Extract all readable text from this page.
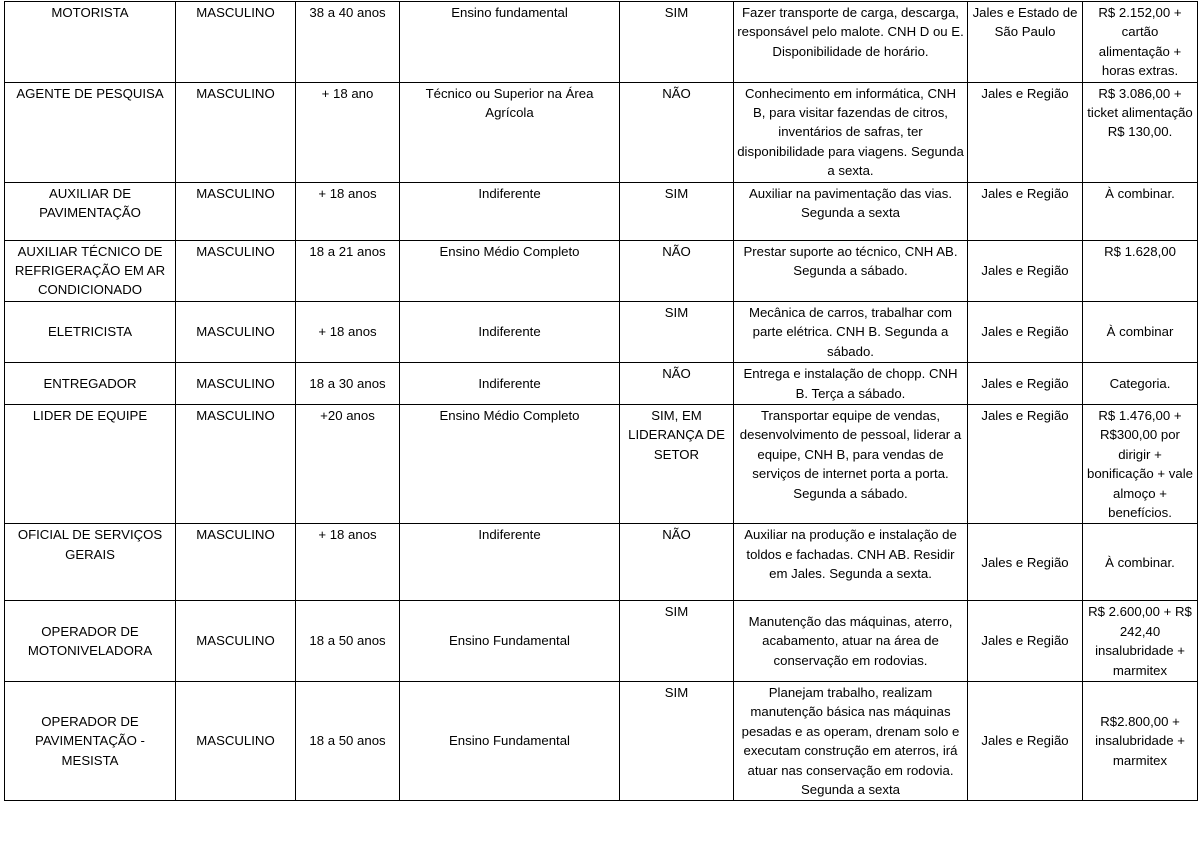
MOTORISTA	MASCULINO	38 a 40 anos	Ensino fundamental	SIM	Fazer transporte de carga, descarga, responsável pelo malote. CNH D ou E. Disponibilidade de horário.	Jales e Estado de São Paulo	R$ 2.152,00 + cartão alimentação + horas extras.
AGENTE DE PESQUISA	MASCULINO	+ 18 ano	Técnico ou Superior na Área Agrícola	NÃO	Conhecimento em informática, CNH B, para visitar fazendas de citros, inventários de safras, ter disponibilidade para viagens. Segunda a sexta.	Jales e Região	R$ 3.086,00 + ticket alimentação R$ 130,00.
AUXILIAR DE PAVIMENTAÇÃO	MASCULINO	+ 18 anos	Indiferente	SIM	Auxiliar na pavimentação das vias. Segunda a sexta	Jales e Região	À combinar.
AUXILIAR TÉCNICO DE REFRIGERAÇÃO EM AR CONDICIONADO	MASCULINO	18 a 21 anos	Ensino Médio Completo	NÃO	Prestar suporte ao técnico, CNH AB. Segunda a sábado.	Jales e Região	R$ 1.628,00
ELETRICISTA	MASCULINO	+ 18 anos	Indiferente	SIM	Mecânica de carros, trabalhar com parte elétrica. CNH B. Segunda a sábado.	Jales e Região	À combinar
ENTREGADOR	MASCULINO	18 a 30 anos	Indiferente	NÃO	Entrega e instalação de chopp. CNH B. Terça a sábado.	Jales e Região	Categoria.
LIDER DE EQUIPE	MASCULINO	+20 anos	Ensino Médio Completo	SIM, EM LIDERANÇA DE SETOR	Transportar equipe de vendas, desenvolvimento de pessoal, liderar a equipe, CNH B, para vendas de serviços de internet porta a porta. Segunda a sábado.	Jales e Região	R$ 1.476,00 + R$300,00 por dirigir + bonificação + vale almoço + benefícios.
OFICIAL DE SERVIÇOS GERAIS	MASCULINO	+ 18 anos	Indiferente	NÃO	Auxiliar na produção e instalação de toldos e fachadas. CNH AB. Residir em Jales. Segunda a sexta.	Jales e Região	À combinar.
OPERADOR DE MOTONIVELADORA	MASCULINO	18 a 50 anos	Ensino Fundamental	SIM	Manutenção das máquinas, aterro, acabamento, atuar na área de conservação em rodovias.	Jales e Região	R$ 2.600,00 + R$ 242,40 insalubridade + marmitex
OPERADOR DE PAVIMENTAÇÃO - MESISTA	MASCULINO	18 a 50 anos	Ensino Fundamental	SIM	Planejam trabalho, realizam manutenção básica nas máquinas pesadas e as operam, drenam solo e executam construção em aterros, irá atuar nas conservação em rodovia. Segunda a sexta	Jales e Região	R$2.800,00 + insalubridade + marmitex
